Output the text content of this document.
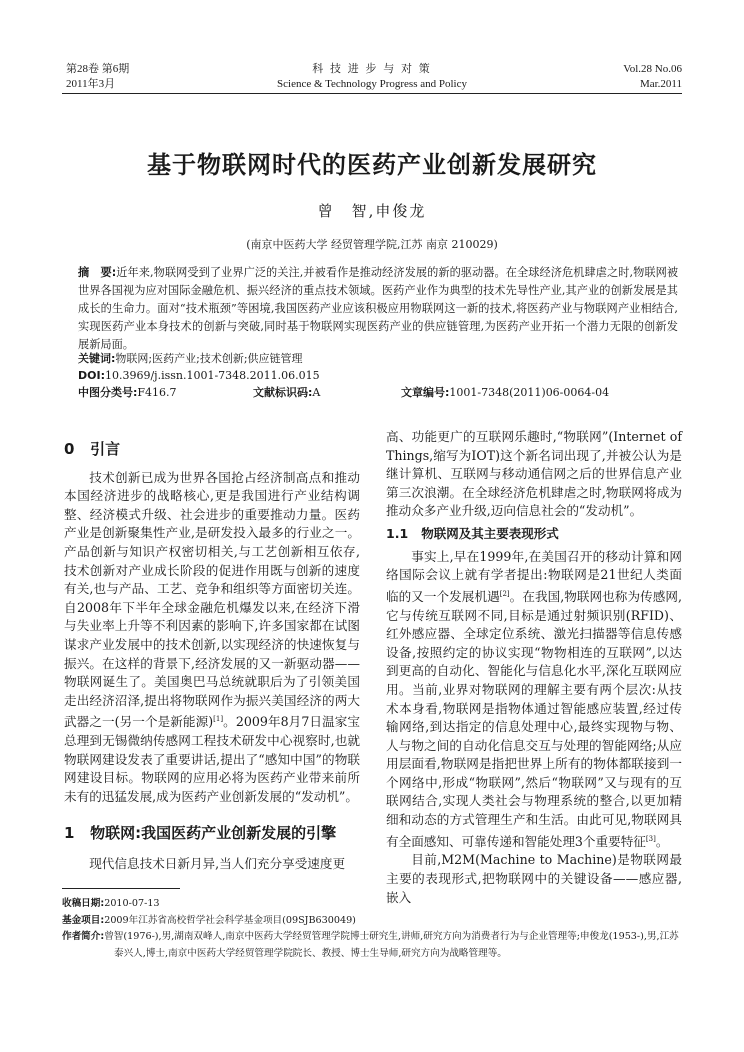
第28卷 第6期
2011年3月
科 技 进 步 与 对 策
Science & Technology Progress and Policy
Vol.28 No.06
Mar.2011
基于物联网时代的医药产业创新发展研究
曾　智,申俊龙
(南京中医药大学 经贸管理学院,江苏 南京 210029)
摘　要:近年来,物联网受到了业界广泛的关注,并被看作是推动经济发展的新的驱动器。在全球经济危机肆虐之时,物联网被世界各国视为应对国际金融危机、振兴经济的重点技术领域。医药产业作为典型的技术先导性产业,其产业的创新发展是其成长的生命力。面对“技术瓶颈”等困境,我国医药产业应该积极应用物联网这一新的技术,将医药产业与物联网产业相结合,实现医药产业本身技术的创新与突破,同时基于物联网实现医药产业的供应链管理,为医药产业开拓一个潜力无限的创新发展新局面。
关键词:物联网;医药产业;技术创新;供应链管理
DOI:10.3969/j.issn.1001-7348.2011.06.015
中图分类号:F416.7	文献标识码:A	文章编号:1001-7348(2011)06-0064-04
0 引言

技术创新已成为世界各国抢占经济制高点和推动本国经济进步的战略核心,更是我国进行产业结构调整、经济模式升级、社会进步的重要推动力量。医药产业是创新聚集性产业,是研发投入最多的行业之一。产品创新与知识产权密切相关,与工艺创新相互依存,技术创新对产业成长阶段的促进作用既与创新的速度有关,也与产品、工艺、竞争和组织等方面密切关连。自2008年下半年全球金融危机爆发以来,在经济下滑与失业率上升等不利因素的影响下,许多国家都在试图谋求产业发展中的技术创新,以实现经济的快速恢复与振兴。在这样的背景下,经济发展的又一新驱动器——物联网诞生了。美国奥巴马总统就职后为了引领美国走出经济沼泽,提出将物联网作为振兴美国经济的两大武器之一(另一个是新能源)[1]。2009年8月7日温家宝总理到无锡微纳传感网工程技术研发中心视察时,也就物联网建设发表了重要讲话,提出了“感知中国”的物联网建设目标。物联网的应用必将为医药产业带来前所未有的迅猛发展,成为医药产业创新发展的“发动机”。

1 物联网:我国医药产业创新发展的引擎

现代信息技术日新月异,当人们充分享受速度更

高、功能更广的互联网乐趣时,“物联网”(Internet of Things,缩写为IOT)这个新名词出现了,并被公认为是继计算机、互联网与移动通信网之后的世界信息产业第三次浪潮。在全球经济危机肆虐之时,物联网将成为推动众多产业升级,迈向信息社会的“发动机”。

1.1 物联网及其主要表现形式

事实上,早在1999年,在美国召开的移动计算和网络国际会议上就有学者提出:物联网是21世纪人类面临的又一个发展机遇[2]。在我国,物联网也称为传感网,它与传统互联网不同,目标是通过射频识别(RFID)、红外感应器、全球定位系统、激光扫描器等信息传感设备,按照约定的协议实现“物物相连的互联网”,以达到更高的自动化、智能化与信息化水平,深化互联网应用。当前,业界对物联网的理解主要有两个层次:从技术本身看,物联网是指物体通过智能感应装置,经过传输网络,到达指定的信息处理中心,最终实现物与物、人与物之间的自动化信息交互与处理的智能网络;从应用层面看,物联网是指把世界上所有的物体都联接到一个网络中,形成“物联网”,然后“物联网”又与现有的互联网结合,实现人类社会与物理系统的整合,以更加精细和动态的方式管理生产和生活。由此可见,物联网具有全面感知、可靠传递和智能处理3个重要特征[3]。

目前,M2M(Machine to Machine)是物联网最主要的表现形式,把物联网中的关键设备——感应器,嵌入

收稿日期:2010-07-13
基金项目:2009年江苏省高校哲学社会科学基金项目(09SJB630049)
作者简介:曾智(1976-),男,湖南双峰人,南京中医药大学经贸管理学院博士研究生,讲师,研究方向为消费者行为与企业管理等;申俊龙(1953-),男,江苏泰兴人,博士,南京中医药大学经贸管理学院院长、教授、博士生导师,研究方向为战略管理等。
